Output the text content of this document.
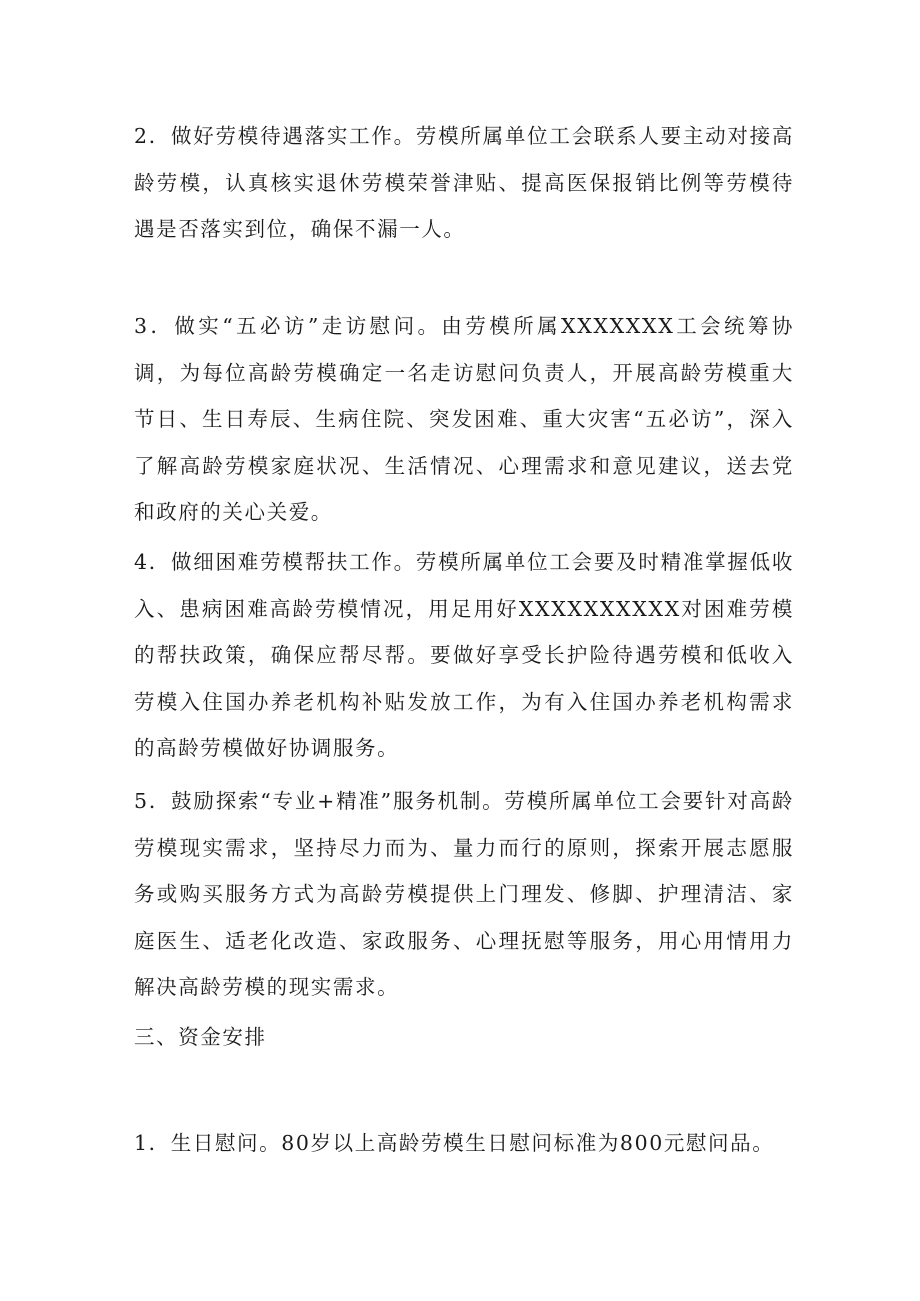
2．做好劳模待遇落实工作。劳模所属单位工会联系人要主动对接高龄劳模，认真核实退休劳模荣誉津贴、提高医保报销比例等劳模待遇是否落实到位，确保不漏一人。

3．做实“五必访”走访慰问。由劳模所属XXXXXXX工会统筹协调，为每位高龄劳模确定一名走访慰问负责人，开展高龄劳模重大节日、生日寿辰、生病住院、突发困难、重大灾害“五必访”，深入了解高龄劳模家庭状况、生活情况、心理需求和意见建议，送去党和政府的关心关爱。

4．做细困难劳模帮扶工作。劳模所属单位工会要及时精准掌握低收入、患病困难高龄劳模情况，用足用好XXXXXXXXXX对困难劳模的帮扶政策，确保应帮尽帮。要做好享受长护险待遇劳模和低收入劳模入住国办养老机构补贴发放工作，为有入住国办养老机构需求的高龄劳模做好协调服务。

5．鼓励探索“专业+精准”服务机制。劳模所属单位工会要针对高龄劳模现实需求，坚持尽力而为、量力而行的原则，探索开展志愿服务或购买服务方式为高龄劳模提供上门理发、修脚、护理清洁、家庭医生、适老化改造、家政服务、心理抚慰等服务，用心用情用力解决高龄劳模的现实需求。

三、资金安排

1．生日慰问。80岁以上高龄劳模生日慰问标准为800元慰问品。
